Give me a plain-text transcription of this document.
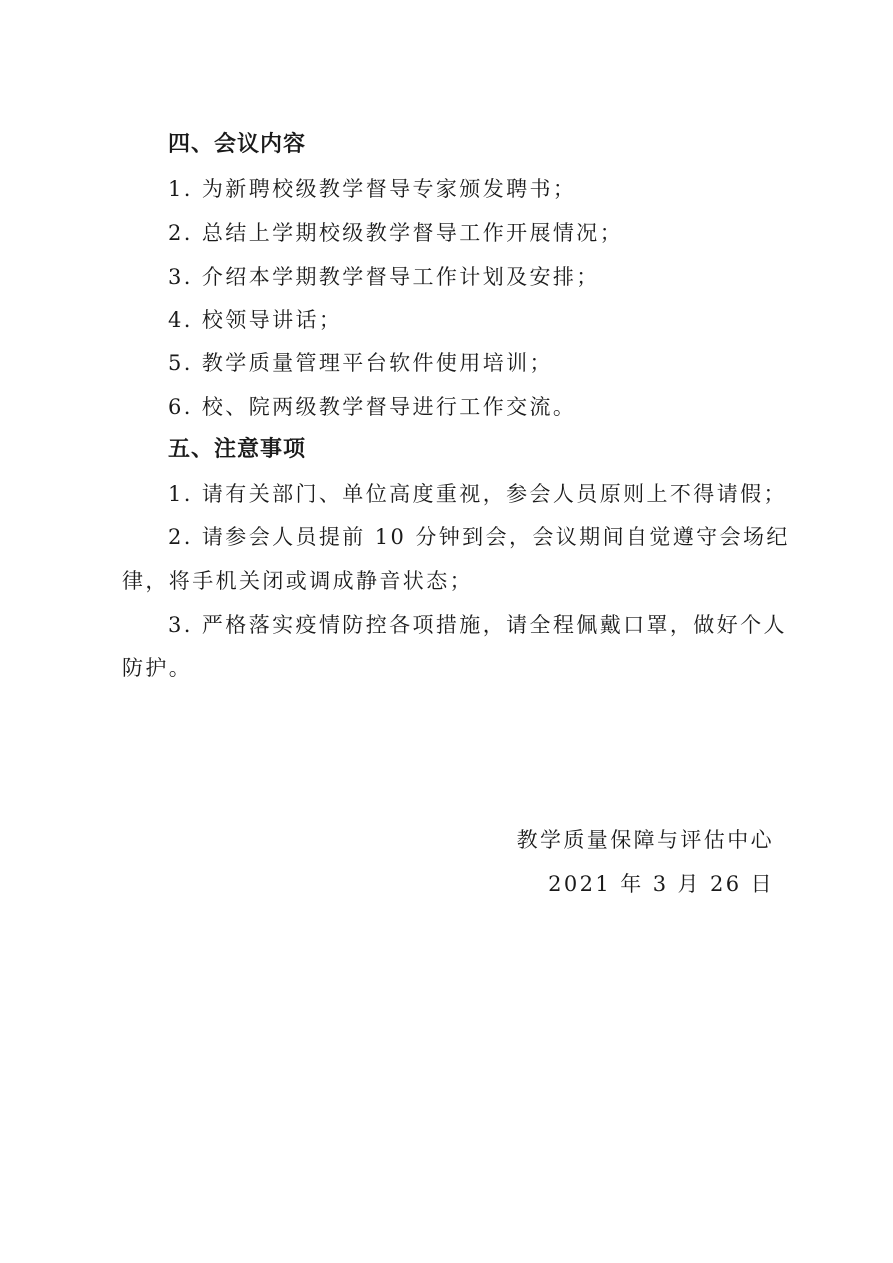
四、会议内容
1. 为新聘校级教学督导专家颁发聘书；
2. 总结上学期校级教学督导工作开展情况；
3. 介绍本学期教学督导工作计划及安排；
4. 校领导讲话；
5. 教学质量管理平台软件使用培训；
6. 校、院两级教学督导进行工作交流。
五、注意事项
1. 请有关部门、单位高度重视，参会人员原则上不得请假；
2. 请参会人员提前 10 分钟到会，会议期间自觉遵守会场纪
律，将手机关闭或调成静音状态；
3. 严格落实疫情防控各项措施，请全程佩戴口罩，做好个人
防护。
教学质量保障与评估中心
2021 年 3 月 26 日
